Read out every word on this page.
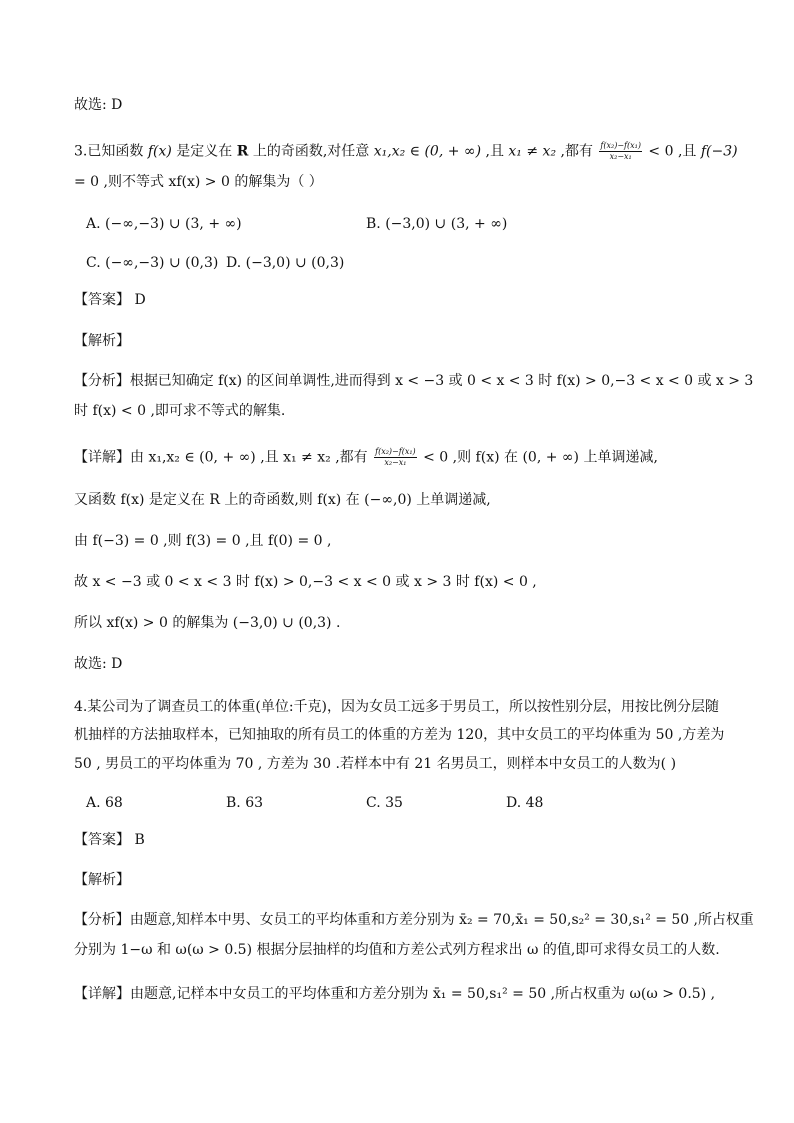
故选: D
3.已知函数 f(x) 是定义在 R 上的奇函数,对任意 x₁,x₂ ∈ (0, + ∞) ,且 x₁ ≠ x₂ ,都有 $\frac{\text{f(x₂)−f(x₁)}}{\text{x₂−x₁}} < 0$ ,且 f(−3)
= 0 ,则不等式 xf(x) > 0 的解集为（ ）
A. (−∞,−3) ∪ (3, + ∞)	B. (−3,0) ∪ (3, + ∞)
C. (−∞,−3) ∪ (0,3) D. (−3,0) ∪ (0,3)
【答案】 D
【解析】
【分析】根据已知确定 f(x) 的区间单调性,进而得到 x < −3 或 0 < x < 3 时 f(x) > 0,−3 < x < 0 或 x > 3
时 f(x) < 0 ,即可求不等式的解集.
【详解】由 x₁,x₂ ∈ (0, + ∞) ,且 x₁ ≠ x₂ ,都有 $\frac{\text{f(x₂)−f(x₁)}}{\text{x₂−x₁}} < 0$ ,则 f(x) 在 (0, + ∞) 上单调递减,
又函数 f(x) 是定义在 R 上的奇函数,则 f(x) 在 (−∞,0) 上单调递减,
由 f(−3) = 0 ,则 f(3) = 0 ,且 f(0) = 0 ,
故 x < −3 或 0 < x < 3 时 f(x) > 0,−3 < x < 0 或 x > 3 时 f(x) < 0 ,
所以 xf(x) > 0 的解集为 (−3,0) ∪ (0,3) .
故选: D
4.某公司为了调查员工的体重(单位:千克)，因为女员工远多于男员工，所以按性别分层，用按比例分层随
机抽样的方法抽取样本，已知抽取的所有员工的体重的方差为 120，其中女员工的平均体重为 50 ,方差为
50 , 男员工的平均体重为 70 , 方差为 30 .若样本中有 21 名男员工，则样本中女员工的人数为( )
A. 68	B. 63	C. 35	D. 48
【答案】 B
【解析】
【分析】由题意,知样本中男、女员工的平均体重和方差分别为 x̄₂ = 70,x̄₁ = 50,s₂² = 30,s₁² = 50 ,所占权重
分别为 1−ω 和 ω(ω > 0.5) 根据分层抽样的均值和方差公式列方程求出 ω 的值,即可求得女员工的人数.
【详解】由题意,记样本中女员工的平均体重和方差分别为 x̄₁ = 50,s₁² = 50 ,所占权重为 ω(ω > 0.5) ,
